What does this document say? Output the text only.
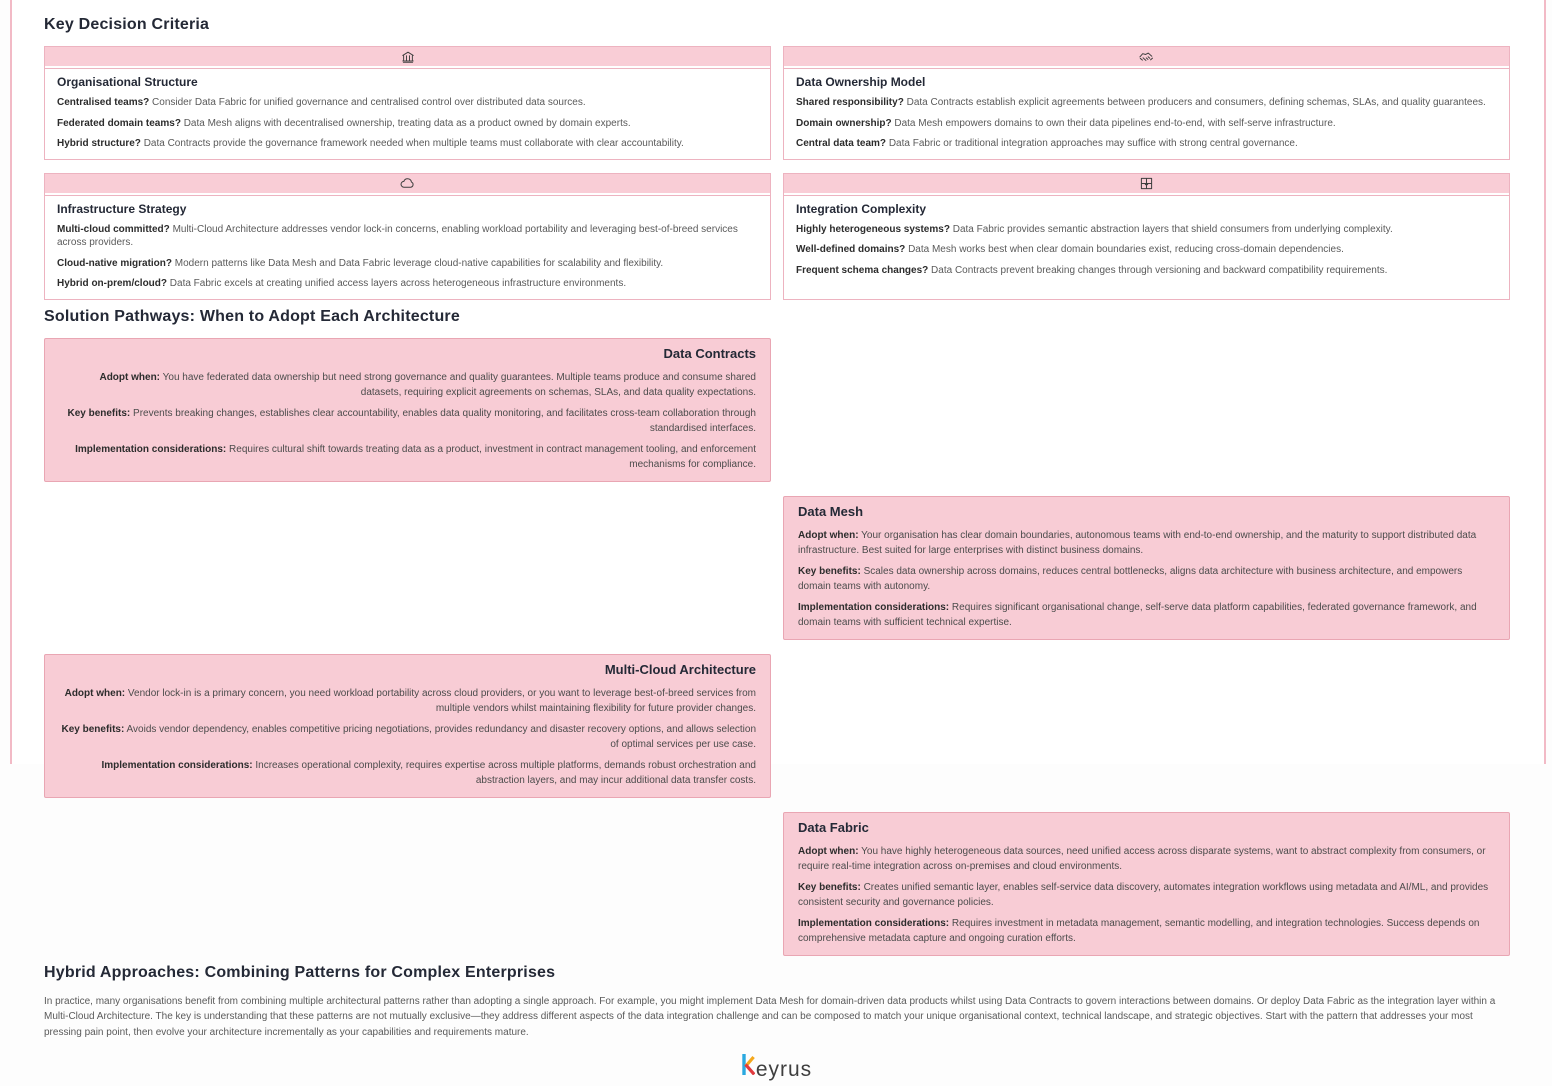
Key Decision Criteria

Organisational Structure

Centralised teams? Consider Data Fabric for unified governance and centralised control over distributed data sources.

Federated domain teams? Data Mesh aligns with decentralised ownership, treating data as a product owned by domain experts.

Hybrid structure? Data Contracts provide the governance framework needed when multiple teams must collaborate with clear accountability.

Data Ownership Model

Shared responsibility? Data Contracts establish explicit agreements between producers and consumers, defining schemas, SLAs, and quality guarantees.

Domain ownership? Data Mesh empowers domains to own their data pipelines end-to-end, with self-serve infrastructure.

Central data team? Data Fabric or traditional integration approaches may suffice with strong central governance.

Infrastructure Strategy

Multi-cloud committed? Multi-Cloud Architecture addresses vendor lock-in concerns, enabling workload portability and leveraging best-of-breed services across providers.

Cloud-native migration? Modern patterns like Data Mesh and Data Fabric leverage cloud-native capabilities for scalability and flexibility.

Hybrid on-prem/cloud? Data Fabric excels at creating unified access layers across heterogeneous infrastructure environments.

Integration Complexity

Highly heterogeneous systems? Data Fabric provides semantic abstraction layers that shield consumers from underlying complexity.

Well-defined domains? Data Mesh works best when clear domain boundaries exist, reducing cross-domain dependencies.

Frequent schema changes? Data Contracts prevent breaking changes through versioning and backward compatibility requirements.

Solution Pathways: When to Adopt Each Architecture

Data Contracts

Adopt when: You have federated data ownership but need strong governance and quality guarantees. Multiple teams produce and consume shared datasets, requiring explicit agreements on schemas, SLAs, and data quality expectations.

Key benefits: Prevents breaking changes, establishes clear accountability, enables data quality monitoring, and facilitates cross-team collaboration through standardised interfaces.

Implementation considerations: Requires cultural shift towards treating data as a product, investment in contract management tooling, and enforcement mechanisms for compliance.

Data Mesh

Adopt when: Your organisation has clear domain boundaries, autonomous teams with end-to-end ownership, and the maturity to support distributed data infrastructure. Best suited for large enterprises with distinct business domains.

Key benefits: Scales data ownership across domains, reduces central bottlenecks, aligns data architecture with business architecture, and empowers domain teams with autonomy.

Implementation considerations: Requires significant organisational change, self-serve data platform capabilities, federated governance framework, and domain teams with sufficient technical expertise.

Multi-Cloud Architecture

Adopt when: Vendor lock-in is a primary concern, you need workload portability across cloud providers, or you want to leverage best-of-breed services from multiple vendors whilst maintaining flexibility for future provider changes.

Key benefits: Avoids vendor dependency, enables competitive pricing negotiations, provides redundancy and disaster recovery options, and allows selection of optimal services per use case.

Implementation considerations: Increases operational complexity, requires expertise across multiple platforms, demands robust orchestration and abstraction layers, and may incur additional data transfer costs.

Data Fabric

Adopt when: You have highly heterogeneous data sources, need unified access across disparate systems, want to abstract complexity from consumers, or require real-time integration across on-premises and cloud environments.

Key benefits: Creates unified semantic layer, enables self-service data discovery, automates integration workflows using metadata and AI/ML, and provides consistent security and governance policies.

Implementation considerations: Requires investment in metadata management, semantic modelling, and integration technologies. Success depends on comprehensive metadata capture and ongoing curation efforts.

Hybrid Approaches: Combining Patterns for Complex Enterprises

In practice, many organisations benefit from combining multiple architectural patterns rather than adopting a single approach. For example, you might implement Data Mesh for domain-driven data products whilst using Data Contracts to govern interactions between domains. Or deploy Data Fabric as the integration layer within a Multi-Cloud Architecture. The key is understanding that these patterns are not mutually exclusive—they address different aspects of the data integration challenge and can be composed to match your unique organisational context, technical landscape, and strategic objectives. Start with the pattern that addresses your most pressing pain point, then evolve your architecture incrementally as your capabilities and requirements mature.

eyrus
